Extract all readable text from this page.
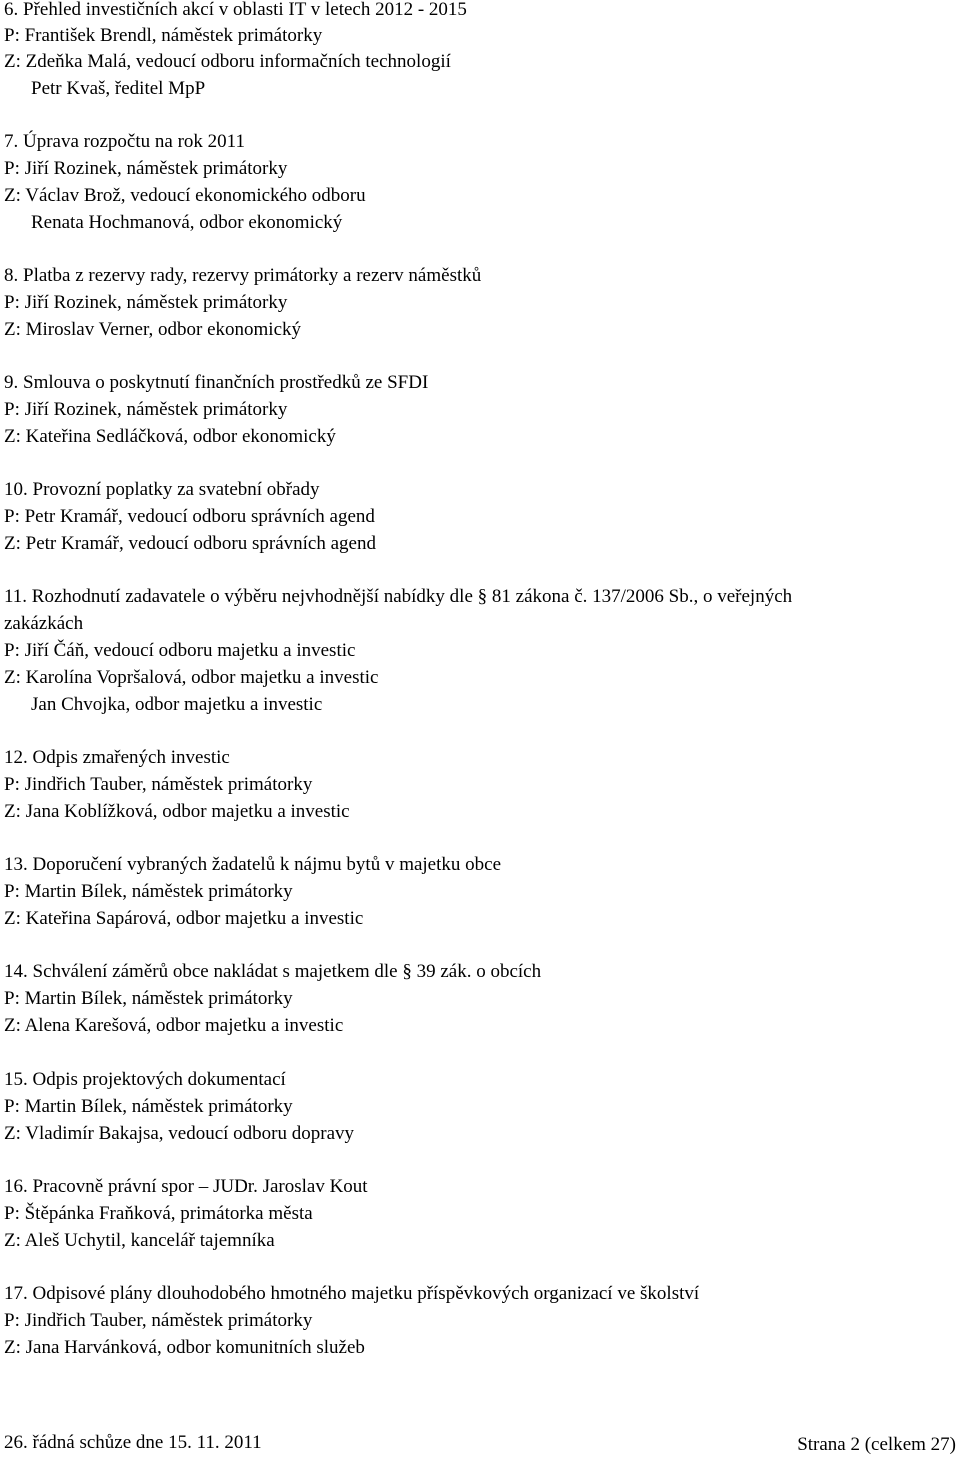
6. Přehled investičních akcí v oblasti IT v letech 2012 - 2015
P: František Brendl, náměstek primátorky
Z: Zdeňka Malá, vedoucí odboru informačních technologií
Petr Kvaš, ředitel MpP
7. Úprava rozpočtu na rok 2011
P: Jiří Rozinek, náměstek primátorky
Z: Václav Brož, vedoucí ekonomického odboru
Renata Hochmanová, odbor ekonomický
8. Platba z rezervy rady, rezervy primátorky a rezerv náměstků
P: Jiří Rozinek, náměstek primátorky
Z: Miroslav Verner, odbor ekonomický
9. Smlouva o poskytnutí finančních prostředků ze SFDI
P: Jiří Rozinek, náměstek primátorky
Z: Kateřina Sedláčková, odbor ekonomický
10. Provozní poplatky za svatební obřady
P: Petr Kramář, vedoucí odboru správních agend
Z: Petr Kramář, vedoucí odboru správních agend
11. Rozhodnutí zadavatele o výběru nejvhodnější nabídky dle § 81 zákona č. 137/2006 Sb., o veřejných
zakázkách
P: Jiří Čáň, vedoucí odboru majetku a investic
Z: Karolína Vopršalová, odbor majetku a investic
Jan Chvojka, odbor majetku a investic
12. Odpis zmařených investic
P: Jindřich Tauber, náměstek primátorky
Z: Jana Koblížková, odbor majetku a investic
13. Doporučení vybraných žadatelů k nájmu bytů v majetku obce
P: Martin Bílek, náměstek primátorky
Z: Kateřina Sapárová, odbor majetku a investic
14. Schválení záměrů obce nakládat s majetkem dle § 39 zák. o obcích
P: Martin Bílek, náměstek primátorky
Z: Alena Karešová, odbor majetku a investic
15. Odpis projektových dokumentací
P: Martin Bílek, náměstek primátorky
Z: Vladimír Bakajsa, vedoucí odboru dopravy
16. Pracovně právní spor – JUDr. Jaroslav Kout
P: Štěpánka Fraňková, primátorka města
Z: Aleš Uchytil, kancelář tajemníka
17. Odpisové plány dlouhodobého hmotného majetku příspěvkových organizací ve školství
P: Jindřich Tauber, náměstek primátorky
Z: Jana Harvánková, odbor komunitních služeb
26. řádná schůze dne 15. 11. 2011	Strana 2 (celkem 27)
